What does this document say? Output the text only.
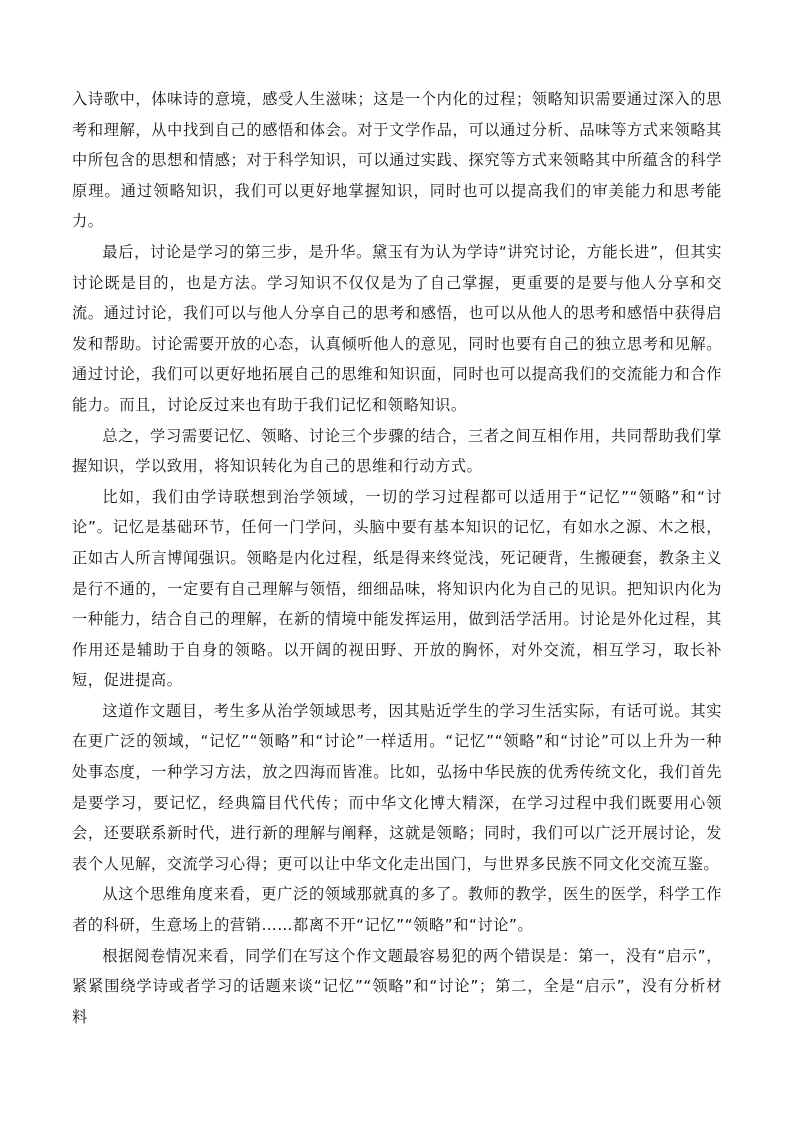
入诗歌中，体味诗的意境，感受人生滋味；这是一个内化的过程；领略知识需要通过深入的思考和理解，从中找到自己的感悟和体会。对于文学作品，可以通过分析、品味等方式来领略其中所包含的思想和情感；对于科学知识，可以通过实践、探究等方式来领略其中所蕴含的科学原理。通过领略知识，我们可以更好地掌握知识，同时也可以提高我们的审美能力和思考能力。

最后，讨论是学习的第三步，是升华。黛玉有为认为学诗“讲究讨论，方能长进”，但其实讨论既是目的，也是方法。学习知识不仅仅是为了自己掌握，更重要的是要与他人分享和交流。通过讨论，我们可以与他人分享自己的思考和感悟，也可以从他人的思考和感悟中获得启发和帮助。讨论需要开放的心态，认真倾听他人的意见，同时也要有自己的独立思考和见解。通过讨论，我们可以更好地拓展自己的思维和知识面，同时也可以提高我们的交流能力和合作能力。而且，讨论反过来也有助于我们记忆和领略知识。

总之，学习需要记忆、领略、讨论三个步骤的结合，三者之间互相作用，共同帮助我们掌握知识，学以致用，将知识转化为自己的思维和行动方式。

比如，我们由学诗联想到治学领域，一切的学习过程都可以适用于“记忆”“领略”和“讨论”。记忆是基础环节，任何一门学问，头脑中要有基本知识的记忆，有如水之源、木之根，正如古人所言博闻强识。领略是内化过程，纸是得来终觉浅，死记硬背，生搬硬套，教条主义是行不通的，一定要有自己理解与领悟，细细品味，将知识内化为自己的见识。把知识内化为一种能力，结合自己的理解，在新的情境中能发挥运用，做到活学活用。讨论是外化过程，其作用还是辅助于自身的领略。以开阔的视田野、开放的胸怀，对外交流，相互学习，取长补短，促进提高。

这道作文题目，考生多从治学领域思考，因其贴近学生的学习生活实际，有话可说。其实在更广泛的领域，“记忆”“领略”和“讨论”一样适用。“记忆”“领略”和“讨论”可以上升为一种处事态度，一种学习方法，放之四海而皆准。比如，弘扬中华民族的优秀传统文化，我们首先是要学习，要记忆，经典篇目代代传；而中华文化博大精深，在学习过程中我们既要用心领会，还要联系新时代，进行新的理解与阐释，这就是领略；同时，我们可以广泛开展讨论，发表个人见解，交流学习心得；更可以让中华文化走出国门，与世界多民族不同文化交流互鉴。

从这个思维角度来看，更广泛的领域那就真的多了。教师的教学，医生的医学，科学工作者的科研，生意场上的营销……都离不开“记忆”“领略”和“讨论”。

根据阅卷情况来看，同学们在写这个作文题最容易犯的两个错误是：第一，没有“启示”，紧紧围绕学诗或者学习的话题来谈“记忆”“领略”和“讨论”；第二，全是“启示”，没有分析材料
